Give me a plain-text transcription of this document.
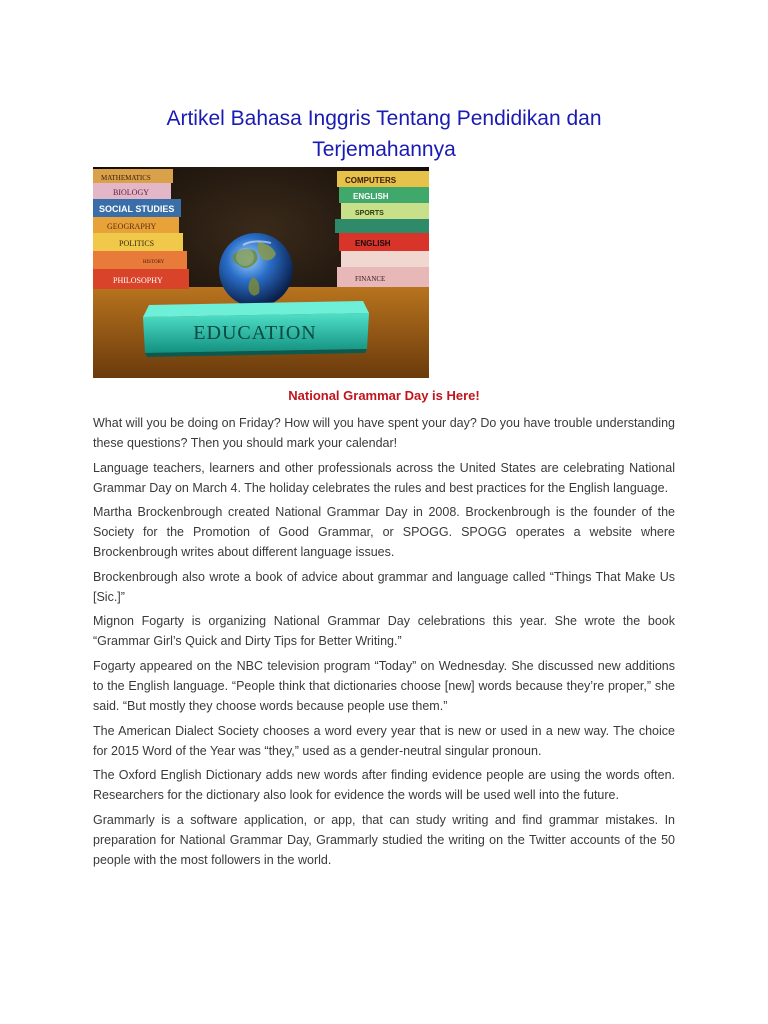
Artikel Bahasa Inggris Tentang Pendidikan dan
Terjemahannya
MATHEMATICS
BIOLOGY
SOCIAL STUDIES
GEOGRAPHY
POLITICS
HISTORY
PHILOSOPHY
COMPUTERS
ENGLISH
SPORTS
ENGLISH
FINANCE
EDUCATION
National Grammar Day is Here!

What will you be doing on Friday? How will you have spent your day? Do you have trouble understanding these questions? Then you should mark your calendar!

Language teachers, learners and other professionals across the United States are celebrating National Grammar Day on March 4. The holiday celebrates the rules and best practices for the English language.

Martha Brockenbrough created National Grammar Day in 2008. Brockenbrough is the founder of the Society for the Promotion of Good Grammar, or SPOGG. SPOGG operates a website where Brockenbrough writes about different language issues.

Brockenbrough also wrote a book of advice about grammar and language called “Things That Make Us [Sic.]”

Mignon Fogarty is organizing National Grammar Day celebrations this year. She wrote the book “Grammar Girl’s Quick and Dirty Tips for Better Writing.”

Fogarty appeared on the NBC television program “Today” on Wednesday. She discussed new additions to the English language. “People think that dictionaries choose [new] words because they’re proper,” she said. “But mostly they choose words because people use them.”

The American Dialect Society chooses a word every year that is new or used in a new way. The choice for 2015 Word of the Year was “they,” used as a gender-neutral singular pronoun.

The Oxford English Dictionary adds new words after finding evidence people are using the words often. Researchers for the dictionary also look for evidence the words will be used well into the future.

Grammarly is a software application, or app, that can study writing and find grammar mistakes. In preparation for National Grammar Day, Grammarly studied the writing on the Twitter accounts of the 50 people with the most followers in the world.
